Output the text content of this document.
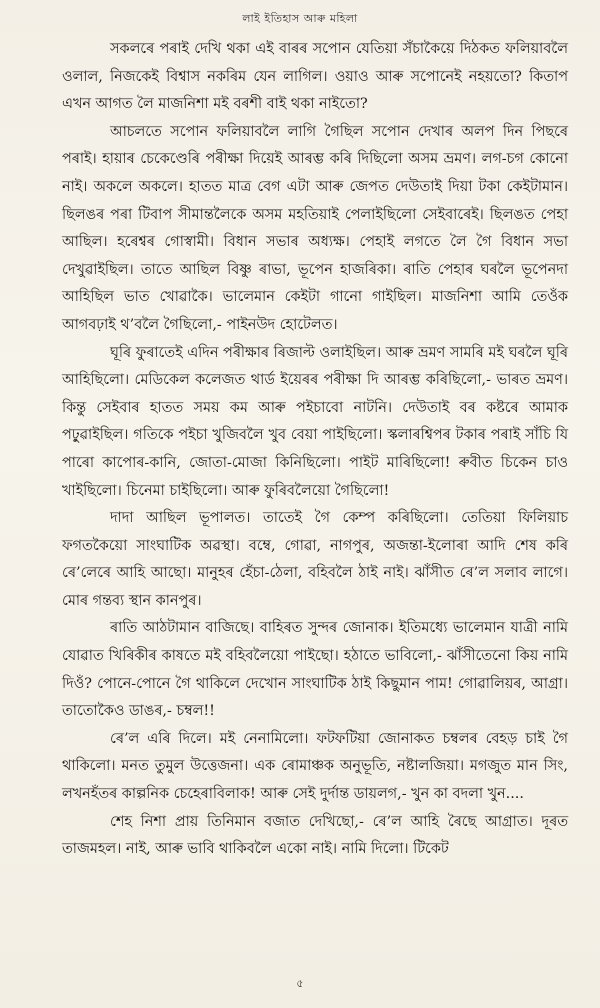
লাই ইতিহাস আৰু মহিলা

সকলৰে পৰাই দেখি থকা এই বাৰৰ সপোন যেতিয়া সঁচাকৈয়ে দিঠকত ফলিয়াবলৈ ওলাল, নিজকেই বিশ্বাস নকৰিম যেন লাগিল। ওয়াও আৰু সপোনেই নহয়তো? কিতাপ এখন আগত লৈ মাজনিশা মই বৰশী বাই থকা নাইতো?

আচলতে সপোন ফলিয়াবলৈ লাগি গৈছিল সপোন দেখাৰ অলপ দিন পিছৰে পৰাই। হায়াৰ চেকেণ্ডেৰি পৰীক্ষা দিয়েই আৰম্ভ কৰি দিছিলো অসম ভ্ৰমণ। লগ-চগ কোনো নাই। অকলে অকলে। হাতত মাত্ৰ বেগ এটা আৰু জেপত দেউতাই দিয়া টকা কেইটামান। ছিলঙৰ পৰা টিবাপ সীমান্তলৈকে অসম মহতিয়াই পেলাইছিলো সেইবাৰেই। ছিলঙত পেহা আছিল। হৰেশ্বৰ গোস্বামী। বিধান সভাৰ অধ্যক্ষ। পেহাই লগতে লৈ গৈ বিধান সভা দেখুৱাইছিল। তাতে আছিল বিষ্ণু ৰাভা, ভূপেন হাজৰিকা। ৰাতি পেহাৰ ঘৰলৈ ভূপেনদা আহিছিল ভাত খোৱাকৈ। ভালেমান কেইটা গানো গাইছিল। মাজনিশা আমি তেওঁক আগবঢ়াই থ’বলৈ গৈছিলো,- পাইনউদ হোটেলত।

ঘূৰি ফুৰাতেই এদিন পৰীক্ষাৰ ৰিজাল্ট ওলাইছিল। আৰু ভ্ৰমণ সামৰি মই ঘৰলৈ ঘূৰি আহিছিলো। মেডিকেল কলেজত থাৰ্ড ইয়েৰৰ পৰীক্ষা দি আৰম্ভ কৰিছিলো,- ভাৰত ভ্ৰমণ। কিন্তু সেইবাৰ হাতত সময় কম আৰু পইচাবো নাটনি। দেউতাই বৰ কষ্টৰে আমাক পঢ়ুৱাইছিল। গতিকে পইচা খুজিবলৈ খুব বেয়া পাইছিলো। স্কলাৰশ্বিপৰ টকাৰ পৰাই সাঁচি যি পাৰো কাপোৰ-কানি, জোতা-মোজা কিনিছিলো। পাইট মাৰিছিলো! ৰুবীত চিকেন চাও খাইছিলো। চিনেমা চাইছিলো। আৰু ফুৰিবলৈয়ো গৈছিলো!

দাদা আছিল ভূপালত। তাতেই গৈ কেম্প কৰিছিলো। তেতিয়া ফিলিয়াচ ফগতকৈয়ো সাংঘাটিক অৱস্থা। বম্বে, গোৱা, নাগপুৰ, অজন্তা-ইলোৰা আদি শেষ কৰি ৰে’লেৰে আহি আছো। মানুহৰ হেঁচা-ঠেলা, বহিবলৈ ঠাই নাই। ঝাঁসীত ৰে’ল সলাব লাগে। মোৰ গন্তব্য স্থান কানপুৰ।

ৰাতি আঠটামান বাজিছে। বাহিৰত সুন্দৰ জোনাক। ইতিমধ্যে ভালেমান যাত্ৰী নামি যোৱাত খিৰিকীৰ কাষতে মই বহিবলৈয়ো পাইছো। হঠাতে ভাবিলো,- ঝাঁসীতেনো কিয় নামি দিওঁ? পোনে-পোনে গৈ থাকিলে দেখোন সাংঘাটিক ঠাই কিছুমান পাম! গোৱালিয়ৰ, আগ্ৰা। তাতোকৈও ডাঙৰ,- চম্বল!!

ৰে’ল এৰি দিলে। মই নেনামিলো। ফটফটিয়া জোনাকত চম্বলৰ বেহড় চাই গৈ থাকিলো। মনত তুমুল উত্তেজনা। এক ৰোমাঞ্চক অনুভূতি, নষ্টালজিয়া। মগজুত মান সিং, লখনহঁতৰ কাল্পনিক চেহেৰাবিলাক! আৰু সেই দুৰ্দান্ত ডায়লগ,- খুন কা বদলা খুন....

শেহ নিশা প্ৰায় তিনিমান বজাত দেখিছো,- ৰে’ল আহি ৰৈছে আগ্ৰাত। দূৰত তাজমহল। নাই, আৰু ভাবি থাকিবলৈ একো নাই। নামি দিলো। টিকেট

৫
